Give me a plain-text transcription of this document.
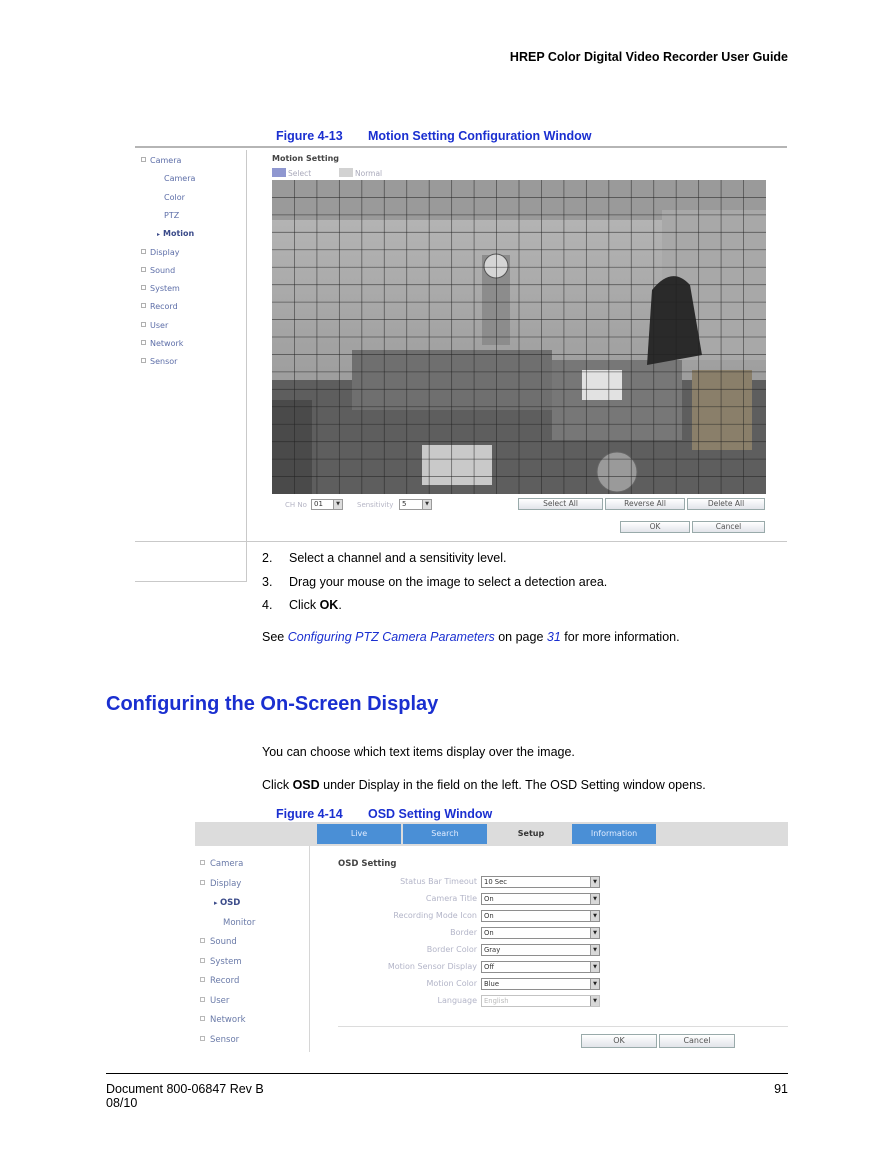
HREP Color Digital Video Recorder User Guide
Figure 4-13 Motion Setting Configuration Window
Camera
Camera
Color
PTZ
▸ Motion
Display
Sound
System
Record
User
Network
Sensor
Motion Setting
Select	Normal
CH No	01	▼ Sensitivity	5	▼	Select All	Reverse All	Delete All
OK	Cancel
2. Select a channel and a sensitivity level.
3. Drag your mouse on the image to select a detection area.
4. Click OK.
See Configuring PTZ Camera Parameters on page 31 for more information.
Configuring the On-Screen Display
You can choose which text items display over the image.
Click OSD under Display in the field on the left. The OSD Setting window opens.
Figure 4-14 OSD Setting Window
Live	Search	Setup	Information
Camera
Display
▸ OSD
Monitor
Sound
System
Record
User
Network
Sensor
OSD Setting
Status Bar Timeout	10 Sec	▼
Camera Title	On	▼
Recording Mode Icon	On	▼
Border	On	▼
Border Color	Gray	▼
Motion Sensor Display	Off	▼
Motion Color	Blue	▼
Language	English	▼
OK	Cancel
Document 800-06847 Rev B
08/10
91
